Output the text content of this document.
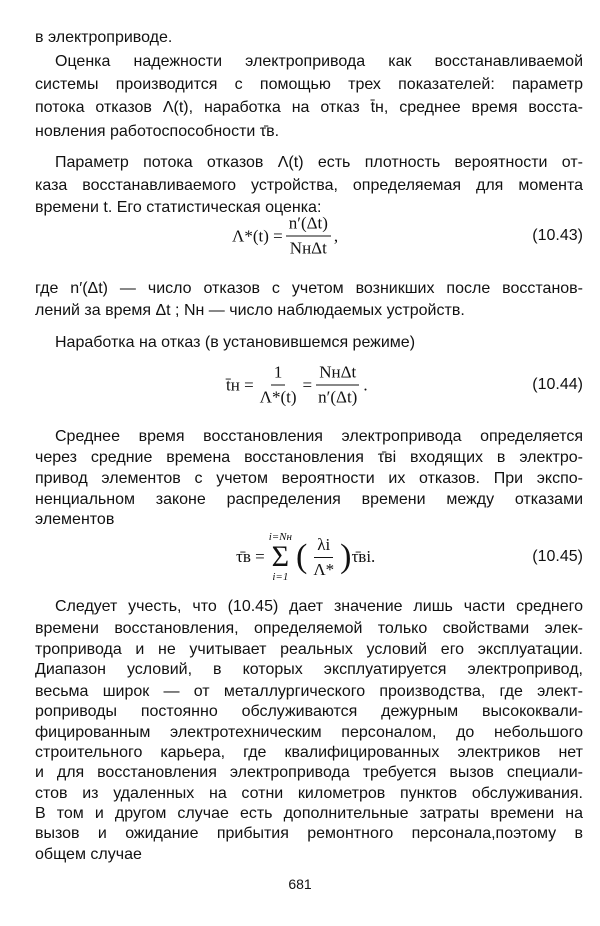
в электроприводе.
Оценка надежности электропривода как восстанавливаемой
системы производится с помощью трех показателей: параметр
потока отказов Λ(t), наработка на отказ t̄н, среднее время восста-
новления работоспособности τ̄в.
Параметр потока отказов Λ(t) есть плотность вероятности от-
каза восстанавливаемого устройства, определяемая для момента
времени t. Его статистическая оценка:
$\Lambda*(t) = \frac{n'(\Delta t)}{\text{NнΔt}}$ ,	(10.43)
где n′(Δt) — число отказов с учетом возникших после восстанов-
лений за время Δt ; Nн — число наблюдаемых устройств.
Наработка на отказ (в установившемся режиме)
t̄н = $\frac{1}{\Lambda*(t)} = \frac{\text{NнΔt}}{n'(\Delta t)}$ .	(10.44)
Среднее время восстановления электропривода определяется
через средние времена восстановления τ̄вi входящих в электро-
привод элементов с учетом вероятности их отказов. При экспо-
ненциальном законе распределения времени между отказами
элементов
τ̄в =
i=Nн
Σ
i=1
( $\frac{\lambda i}{\Lambda*}$ ) τ̄вi.	(10.45)
Следует учесть, что (10.45) дает значение лишь части среднего
времени восстановления, определяемой только свойствами элек-
тропривода и не учитывает реальных условий его эксплуатации.
Диапазон условий, в которых эксплуатируется электропривод,
весьма широк — от металлургического производства, где элект-
роприводы постоянно обслуживаются дежурным высококвали-
фицированным электротехническим персоналом, до небольшого
строительного карьера, где квалифицированных электриков нет
и для восстановления электропривода требуется вызов специали-
стов из удаленных на сотни километров пунктов обслуживания.
В том и другом случае есть дополнительные затраты времени на
вызов и ожидание прибытия ремонтного персонала,поэтому в
общем случае
681
